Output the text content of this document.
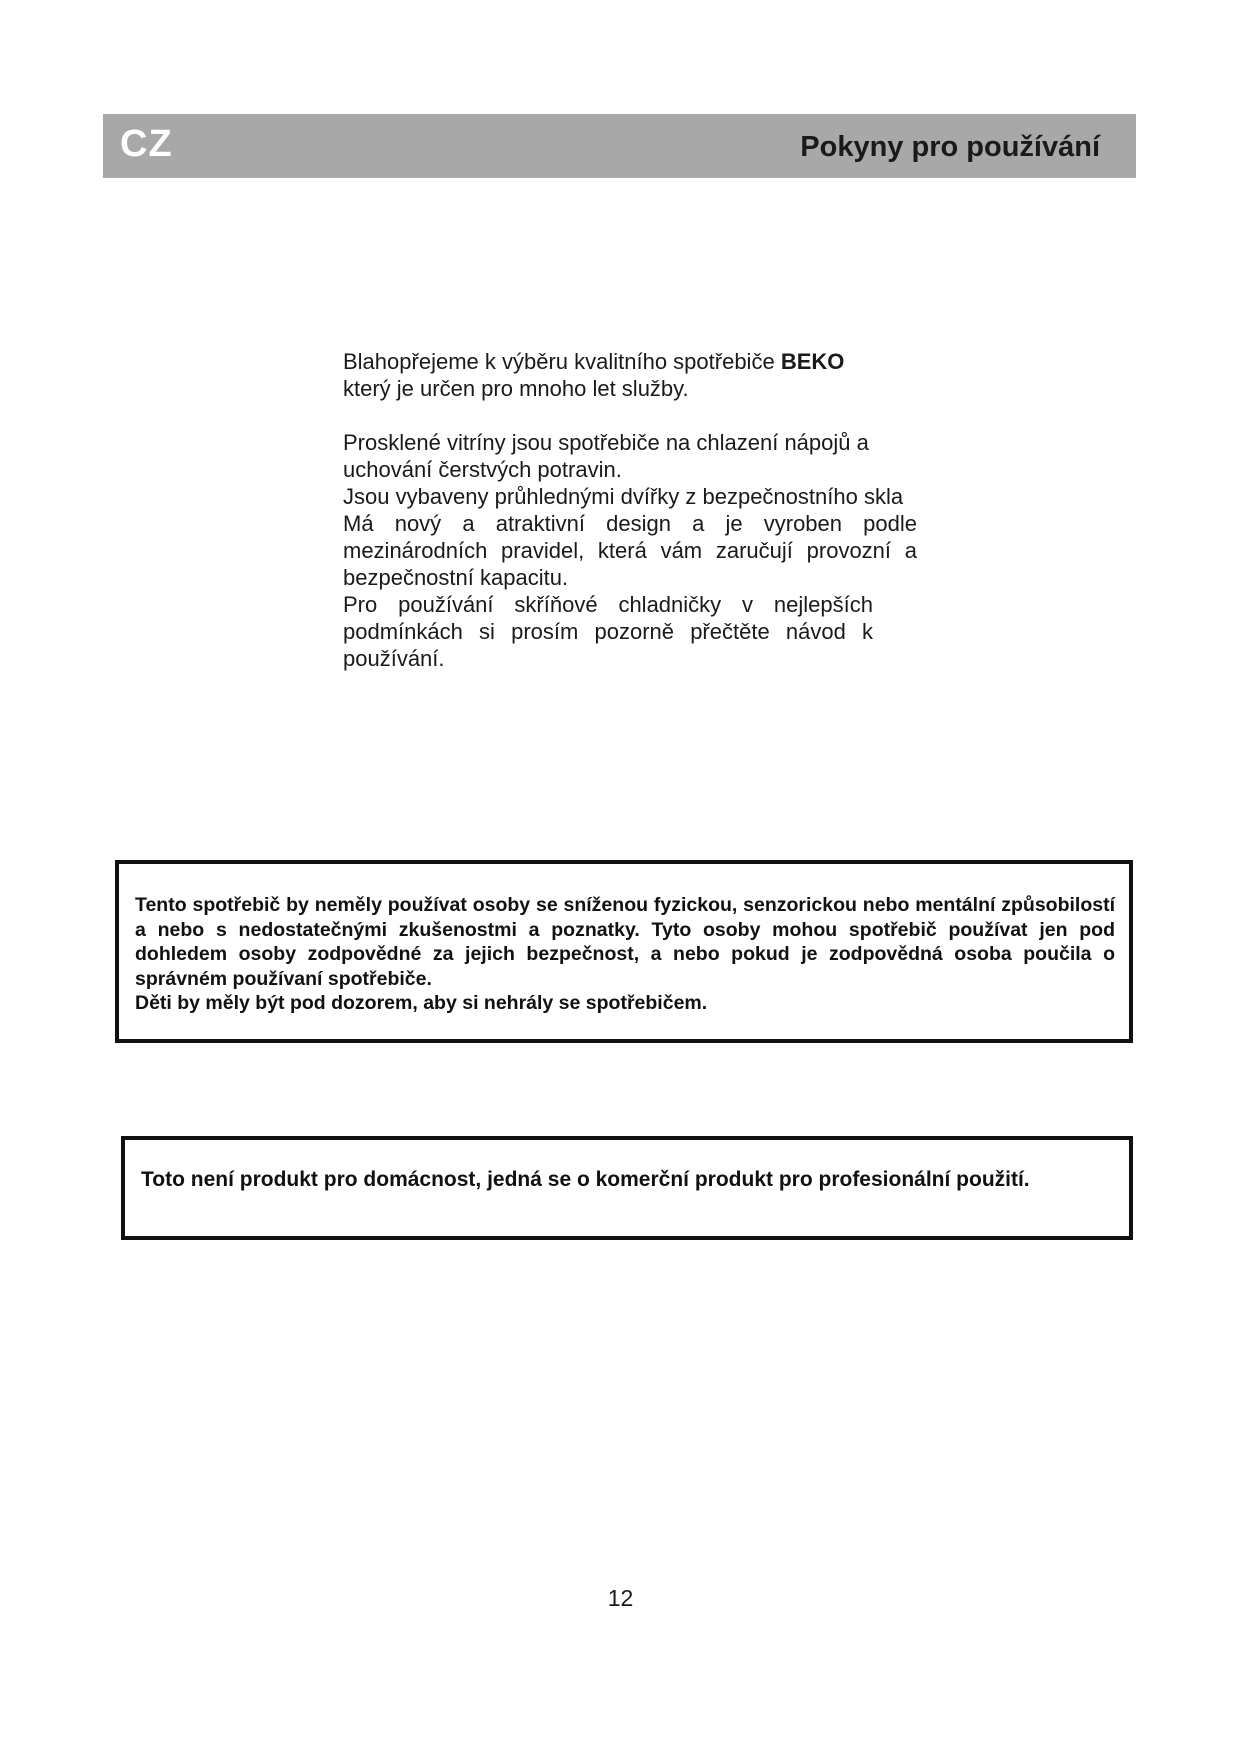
CZ	Pokyny pro používání

Blahopřejeme k výběru kvalitního spotřebiče BEKO
který je určen pro mnoho let služby.

Prosklené vitríny jsou spotřebiče na chlazení nápojů a uchování čerstvých potravin.

Jsou vybaveny průhlednými dvířky z bezpečnostního skla

Má nový a atraktivní design a je vyroben podle mezinárodních pravidel, která vám zaručují provozní a bezpečnostní kapacitu.

Pro používání skříňové chladničky v nejlepších podmínkách si prosím pozorně přečtěte návod k používání.

Tento spotřebič by neměly používat osoby se sníženou fyzickou, senzorickou nebo mentální způsobilostí a nebo s nedostatečnými zkušenostmi a poznatky. Tyto osoby mohou spotřebič používat jen pod dohledem osoby zodpovědné za jejich bezpečnost, a nebo pokud je zodpovědná osoba poučila o správném používaní spotřebiče.

Děti by měly být pod dozorem, aby si nehrály se spotřebičem.

Toto není produkt pro domácnost, jedná se o komerční produkt pro profesionální použití.

12
